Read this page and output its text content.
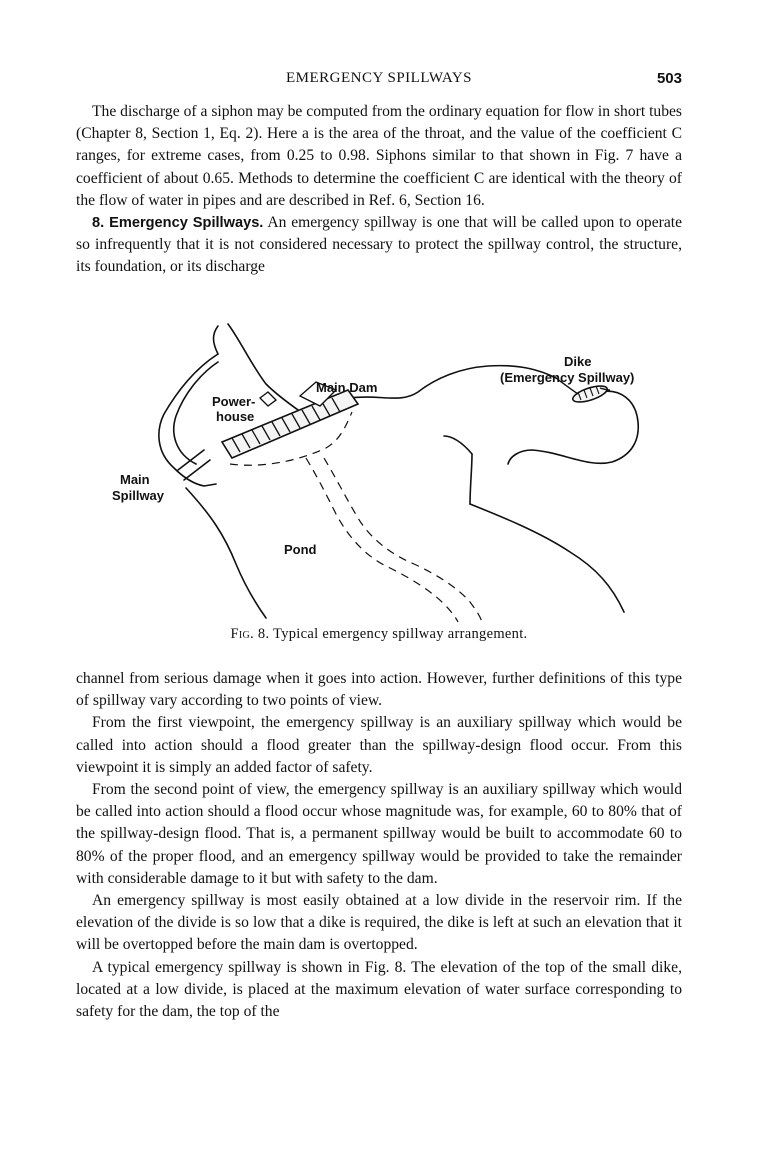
EMERGENCY SPILLWAYS	503

The discharge of a siphon may be computed from the ordinary equation for flow in short tubes (Chapter 8, Section 1, Eq. 2). Here a is the area of the throat, and the value of the coefficient C ranges, for extreme cases, from 0.25 to 0.98. Siphons similar to that shown in Fig. 7 have a coefficient of about 0.65. Methods to determine the coefficient C are identical with the theory of the flow of water in pipes and are described in Ref. 6, Section 16.

8. Emergency Spillways. An emergency spillway is one that will be called upon to operate so infrequently that it is not considered necessary to protect the spillway control, the structure, its foundation, or its discharge

Power-
house
Main Dam
Dike
(Emergency Spillway)
Main
Spillway
Pond
Fig. 8. Typical emergency spillway arrangement.

channel from serious damage when it goes into action. However, further definitions of this type of spillway vary according to two points of view.

From the first viewpoint, the emergency spillway is an auxiliary spillway which would be called into action should a flood greater than the spillway-design flood occur. From this viewpoint it is simply an added factor of safety.

From the second point of view, the emergency spillway is an auxiliary spillway which would be called into action should a flood occur whose magnitude was, for example, 60 to 80% that of the spillway-design flood. That is, a permanent spillway would be built to accommodate 60 to 80% of the proper flood, and an emergency spillway would be provided to take the remainder with considerable damage to it but with safety to the dam.

An emergency spillway is most easily obtained at a low divide in the reservoir rim. If the elevation of the divide is so low that a dike is required, the dike is left at such an elevation that it will be overtopped before the main dam is overtopped.

A typical emergency spillway is shown in Fig. 8. The elevation of the top of the small dike, located at a low divide, is placed at the maximum elevation of water surface corresponding to safety for the dam, the top of the
